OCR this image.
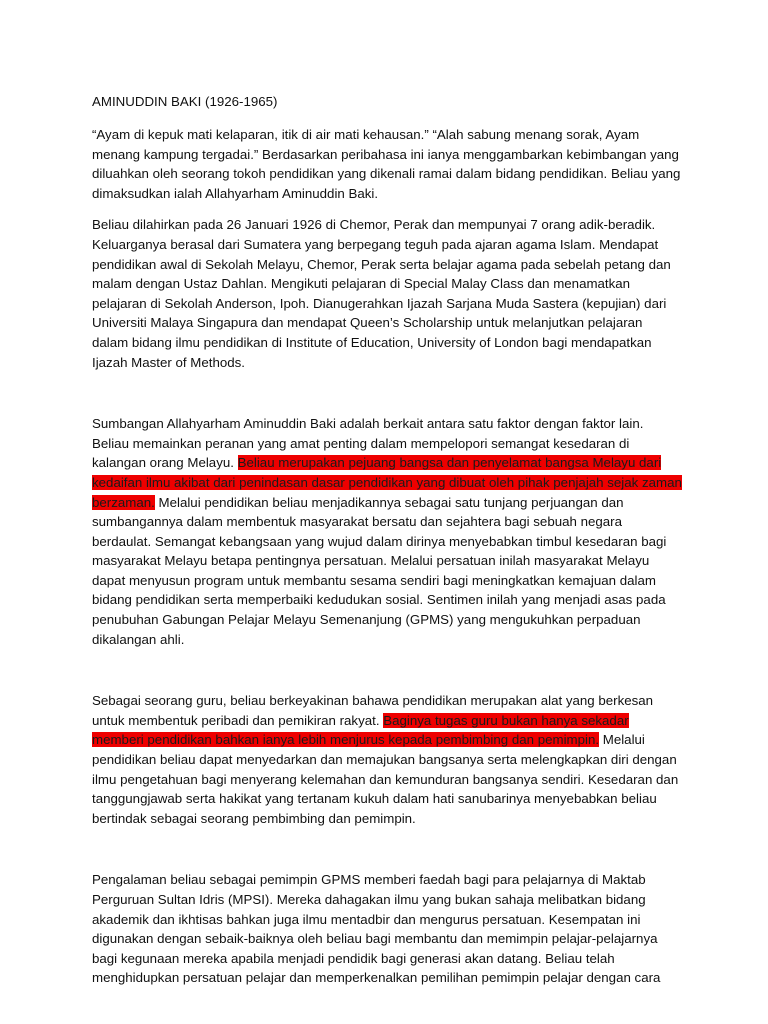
AMINUDDIN BAKI (1926-1965)

“Ayam di kepuk mati kelaparan, itik di air mati kehausan.” “Alah sabung menang sorak, Ayam menang kampung tergadai.” Berdasarkan peribahasa ini ianya menggambarkan kebimbangan yang diluahkan oleh seorang tokoh pendidikan yang dikenali ramai dalam bidang pendidikan. Beliau yang dimaksudkan ialah Allahyarham Aminuddin Baki.

Beliau dilahirkan pada 26 Januari 1926 di Chemor, Perak dan mempunyai 7 orang adik-beradik. Keluarganya berasal dari Sumatera yang berpegang teguh pada ajaran agama Islam. Mendapat pendidikan awal di Sekolah Melayu, Chemor, Perak serta belajar agama pada sebelah petang dan malam dengan Ustaz Dahlan. Mengikuti pelajaran di Special Malay Class dan menamatkan pelajaran di Sekolah Anderson, Ipoh. Dianugerahkan Ijazah Sarjana Muda Sastera (kepujian) dari Universiti Malaya Singapura dan mendapat Queen’s Scholarship untuk melanjutkan pelajaran dalam bidang ilmu pendidikan di Institute of Education, University of London bagi mendapatkan Ijazah Master of Methods.

Sumbangan Allahyarham Aminuddin Baki adalah berkait antara satu faktor dengan faktor lain. Beliau memainkan peranan yang amat penting dalam mempelopori semangat kesedaran di kalangan orang Melayu. Beliau merupakan pejuang bangsa dan penyelamat bangsa Melayu dari kedaifan ilmu akibat dari penindasan dasar pendidikan yang dibuat oleh pihak penjajah sejak zaman berzaman. Melalui pendidikan beliau menjadikannya sebagai satu tunjang perjuangan dan sumbangannya dalam membentuk masyarakat bersatu dan sejahtera bagi sebuah negara berdaulat. Semangat kebangsaan yang wujud dalam dirinya menyebabkan timbul kesedaran bagi masyarakat Melayu betapa pentingnya persatuan. Melalui persatuan inilah masyarakat Melayu dapat menyusun program untuk membantu sesama sendiri bagi meningkatkan kemajuan dalam bidang pendidikan serta memperbaiki kedudukan sosial. Sentimen inilah yang menjadi asas pada penubuhan Gabungan Pelajar Melayu Semenanjung (GPMS) yang mengukuhkan perpaduan dikalangan ahli.

Sebagai seorang guru, beliau berkeyakinan bahawa pendidikan merupakan alat yang berkesan untuk membentuk peribadi dan pemikiran rakyat. Baginya tugas guru bukan hanya sekadar memberi pendidikan bahkan ianya lebih menjurus kepada pembimbing dan pemimpin. Melalui pendidikan beliau dapat menyedarkan dan memajukan bangsanya serta melengkapkan diri dengan ilmu pengetahuan bagi menyerang kelemahan dan kemunduran bangsanya sendiri. Kesedaran dan tanggungjawab serta hakikat yang tertanam kukuh dalam hati sanubarinya menyebabkan beliau bertindak sebagai seorang pembimbing dan pemimpin.

Pengalaman beliau sebagai pemimpin GPMS memberi faedah bagi para pelajarnya di Maktab Perguruan Sultan Idris (MPSI). Mereka dahagakan ilmu yang bukan sahaja melibatkan bidang akademik dan ikhtisas bahkan juga ilmu mentadbir dan mengurus persatuan. Kesempatan ini digunakan dengan sebaik-baiknya oleh beliau bagi membantu dan memimpin pelajar-pelajarnya bagi kegunaan mereka apabila menjadi pendidik bagi generasi akan datang. Beliau telah menghidupkan persatuan pelajar dan memperkenalkan pemilihan pemimpin pelajar dengan cara
